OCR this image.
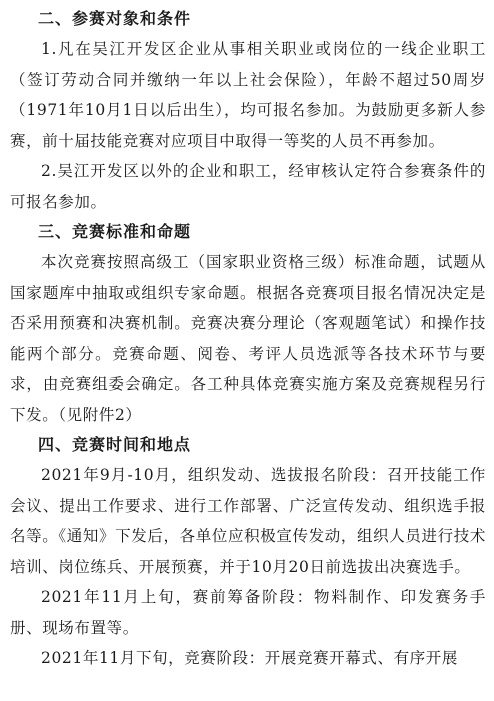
二、参赛对象和条件

1.凡在吴江开发区企业从事相关职业或岗位的一线企业职工（签订劳动合同并缴纳一年以上社会保险），年龄不超过50周岁（1971年10月1日以后出生），均可报名参加。为鼓励更多新人参赛，前十届技能竞赛对应项目中取得一等奖的人员不再参加。

2.吴江开发区以外的企业和职工，经审核认定符合参赛条件的可报名参加。

三、竞赛标准和命题

本次竞赛按照高级工（国家职业资格三级）标准命题，试题从国家题库中抽取或组织专家命题。根据各竞赛项目报名情况决定是否采用预赛和决赛机制。竞赛决赛分理论（客观题笔试）和操作技能两个部分。竞赛命题、阅卷、考评人员选派等各技术环节与要求，由竞赛组委会确定。各工种具体竞赛实施方案及竞赛规程另行下发。（见附件2）

四、竞赛时间和地点

2021年9月-10月，组织发动、选拔报名阶段：召开技能工作会议、提出工作要求、进行工作部署、广泛宣传发动、组织选手报名等。《通知》下发后，各单位应积极宣传发动，组织人员进行技术培训、岗位练兵、开展预赛，并于10月20日前选拔出决赛选手。

2021年11月上旬，赛前筹备阶段：物料制作、印发赛务手册、现场布置等。

2021年11月下旬，竞赛阶段：开展竞赛开幕式、有序开展
